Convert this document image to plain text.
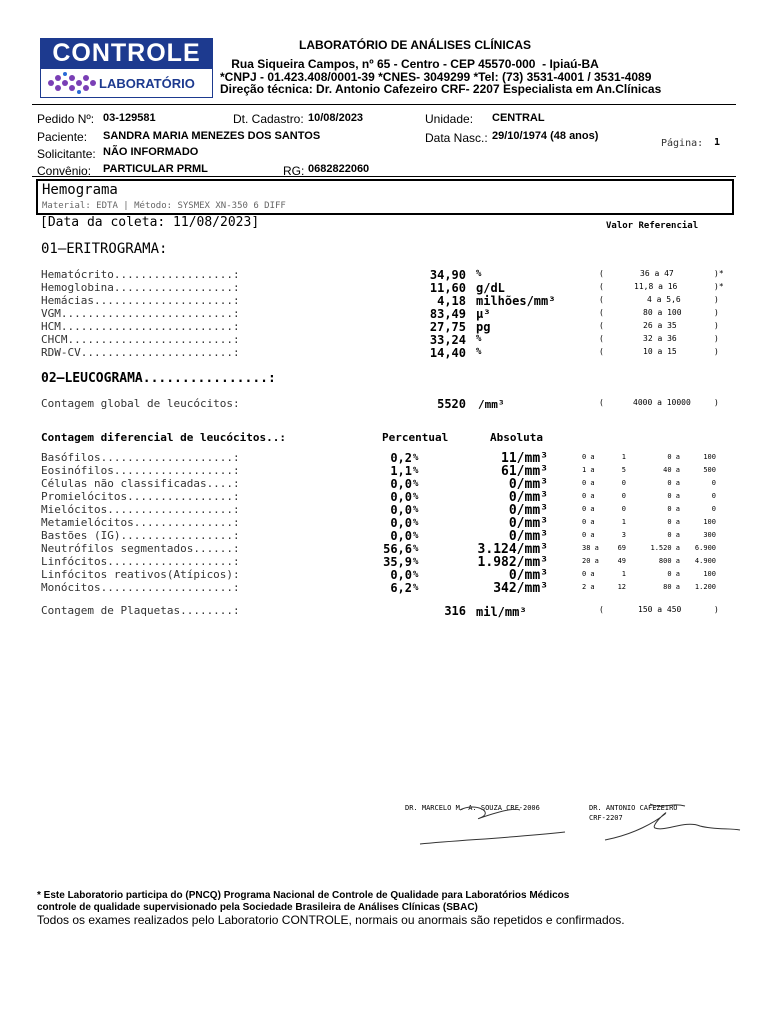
CONTROLE
LABORATÓRIO
LABORATÓRIO DE ANÁLISES CLÍNICAS
Rua Siqueira Campos, nº 65 - Centro - CEP 45570-000  - Ipiaú-BA
*CNPJ - 01.423.408/0001-39 *CNES- 3049299 *Tel: (73) 3531-4001 / 3531-4089
Direção técnica: Dr. Antonio Cafezeiro CRF- 2207 Especialista em An.Clínicas
Pedido Nº: 03-129581	Dt. Cadastro: 10/08/2023	Unidade: CENTRAL
Paciente: SANDRA MARIA MENEZES DOS SANTOS	Data Nasc.: 29/10/1974 (48 anos)
Página: 1
Solicitante: NÃO INFORMADO
Convênio: PARTICULAR PRML	RG: 0682822060
Hemograma
Material: EDTA | Método: SYSMEX XN-350 6 DIFF
[Data da coleta: 11/08/2023]	Valor Referencial
01–ERITROGRAMA:
Hematócrito..................:	34,90 %	(	36 a 47	)*
Hemoglobina..................:	11,60 g/dL	(	11,8 a 16	)*
Hemácias.....................:	4,18 milhões/mm³	(	4 a 5,6	)
VGM..........................:	83,49 µ³	(	80 a 100	)
HCM..........................:	27,75 pg	(	26 a 35	)
CHCM.........................:	33,24 %	(	32 a 36	)
RDW-CV.......................:	14,40 %	(	10 a 15	)
02–LEUCOGRAMA................:
Contagem global de leucócitos:	5520 /mm³	(	4000 a 10000	)
Contagem diferencial de leucócitos..:	Percentual	Absoluta
Basófilos....................:	0,2 %	11/mm³	0 a	1	0 a	100
Eosinófilos..................:	1,1 %	61/mm³	1 a	5	40 a	500
Células não classificadas....:	0,0 %	0/mm³	0 a	0	0 a	0
Promielócitos................:	0,0 %	0/mm³	0 a	0	0 a	0
Mielócitos...................:	0,0 %	0/mm³	0 a	0	0 a	0
Metamielócitos...............:	0,0 %	0/mm³	0 a	1	0 a	100
Bastões (IG).................:	0,0 %	0/mm³	0 a	3	0 a	300
Neutrófilos segmentados......:	56,6 %	3.124/mm³	38 a	69	1.520 a	6.900
Linfócitos...................:	35,9 %	1.982/mm³	20 a	49	800 a	4.900
Linfócitos reativos(Atípicos):	0,0 %	0/mm³	0 a	1	0 a	100
Monócitos....................:	6,2 %	342/mm³	2 a	12	80 a	1.200
Contagem de Plaquetas........:	316 mil/mm³	(	150 a 450	)
DR. MARCELO M. A. SOUZA CRF-2006	DR. ANTONIO CAFEZEIRO
CRF-2207
* Este Laboratorio participa do (PNCQ) Programa Nacional de Controle de Qualidade para Laboratórios Médicos
controle de qualidade supervisionado pela Sociedade Brasileira de Análises Clínicas (SBAC)
Todos os exames realizados pelo Laboratorio CONTROLE, normais ou anormais são repetidos e confirmados.
